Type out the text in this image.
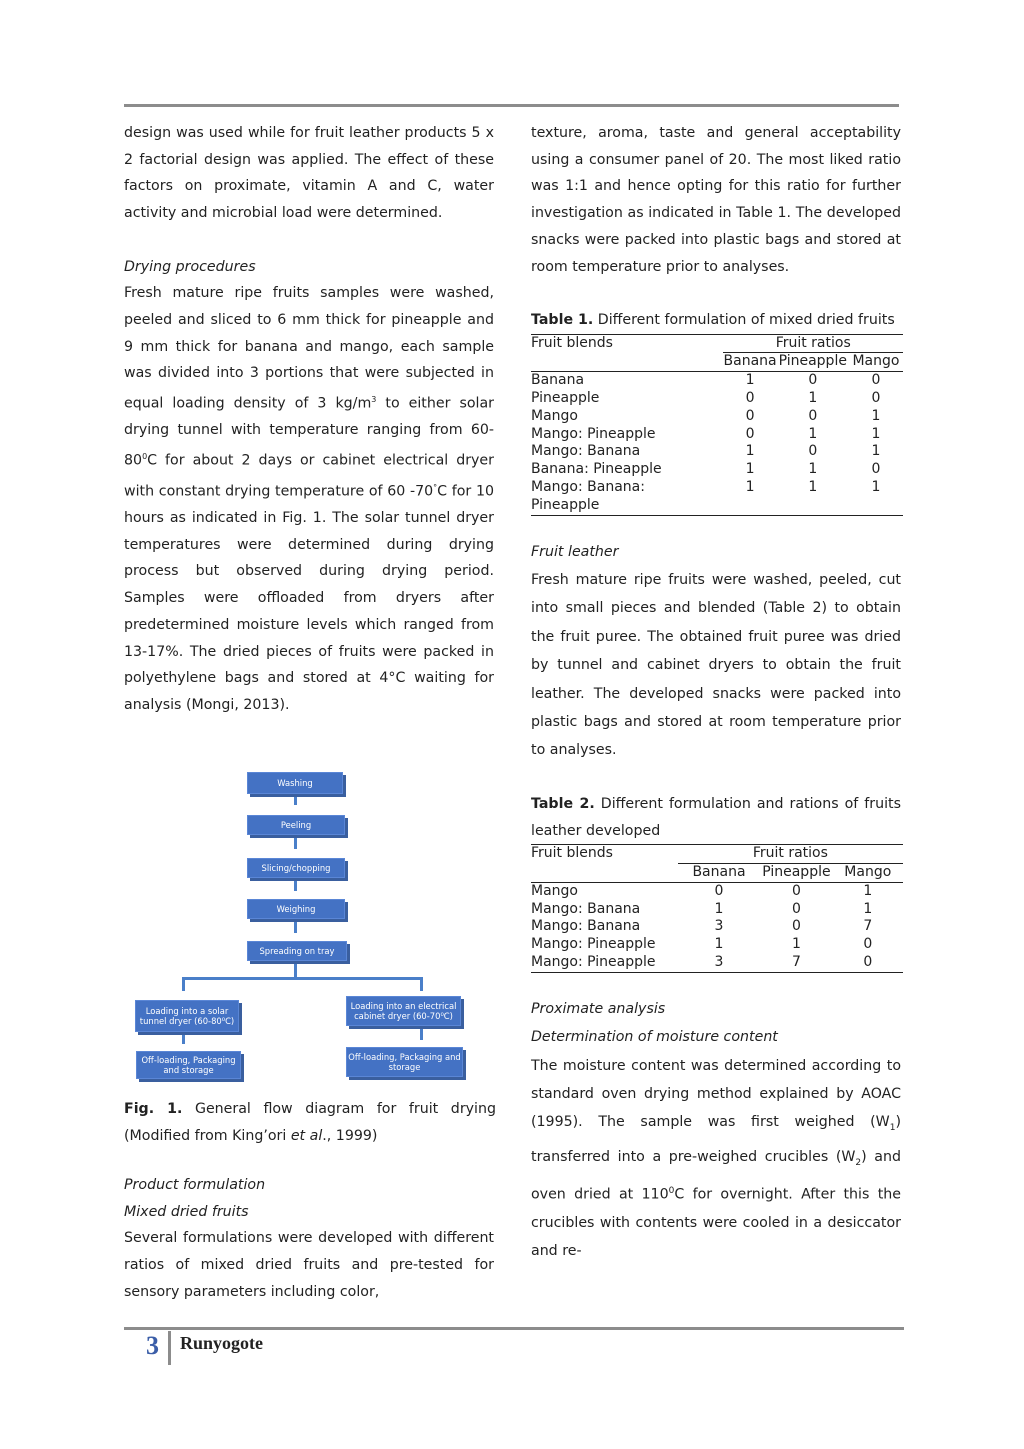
design was used while for fruit leather products 5 x 2 factorial design was applied. The effect of these factors on proximate, vitamin A and C, water activity and microbial load were determined.

Drying procedures

Fresh mature ripe fruits samples were washed, peeled and sliced to 6 mm thick for pineapple and 9 mm thick for banana and mango, each sample was divided into 3 portions that were subjected in equal loading density of 3 $kg/m^3$ to either solar drying tunnel with temperature ranging from $60-80^0C$ for about 2 days or cabinet electrical dryer with constant drying temperature of 60 -70°C for 10 hours as indicated in Fig. 1. The solar tunnel dryer temperatures were determined during drying process but observed during drying period. Samples were offloaded from dryers after predetermined moisture levels which ranged from 13-17%. The dried pieces of fruits were packed in polyethylene bags and stored at 4°C waiting for analysis (Mongi, 2013).

Washing
Peeling
Slicing/chopping
Weighing
Spreading on tray
Loading into a solar tunnel dryer (60-80⁰C)
Loading into an electrical cabinet dryer (60-70⁰C)
Off-loading, Packaging and storage
Off-loading, Packaging and storage

Fig. 1. General flow diagram for fruit drying (Modified from King’ori et al., 1999)

Product formulation

Mixed dried fruits

Several formulations were developed with different ratios of mixed dried fruits and pre-tested for sensory parameters including color,

texture, aroma, taste and general acceptability using a consumer panel of 20. The most liked ratio was 1:1 and hence opting for this ratio for further investigation as indicated in Table 1. The developed snacks were packed into plastic bags and stored at room temperature prior to analyses.

Table 1. Different formulation of mixed dried fruits

Fruit blends	Fruit ratios		
	Banana	Pineapple	Mango
Banana	1	0	0
Pineapple	0	1	0
Mango	0	0	1
Mango: Pineapple	0	1	1
Mango: Banana	1	0	1
Banana: Pineapple	1	1	0
Mango: Banana:	1	1	1
Pineapple			

Fruit leather

Fresh mature ripe fruits were washed, peeled, cut into small pieces and blended (Table 2) to obtain the fruit puree. The obtained fruit puree was dried by tunnel and cabinet dryers to obtain the fruit leather. The developed snacks were packed into plastic bags and stored at room temperature prior to analyses.

Table 2. Different formulation and rations of fruits leather developed

Fruit blends	Fruit ratios		
	Banana	Pineapple	Mango
Mango	0	0	1
Mango: Banana	1	0	1
Mango: Banana	3	0	7
Mango: Pineapple	1	1	0
Mango: Pineapple	3	7	0

Proximate analysis

Determination of moisture content

The moisture content was determined according to standard oven drying method explained by AOAC (1995). The sample was first weighed $(W_1)$ transferred into a pre-weighed crucibles $(W_2)$ and oven dried at $110^0C$ for overnight. After this the crucibles with contents were cooled in a desiccator and re-

3 Runyogote
